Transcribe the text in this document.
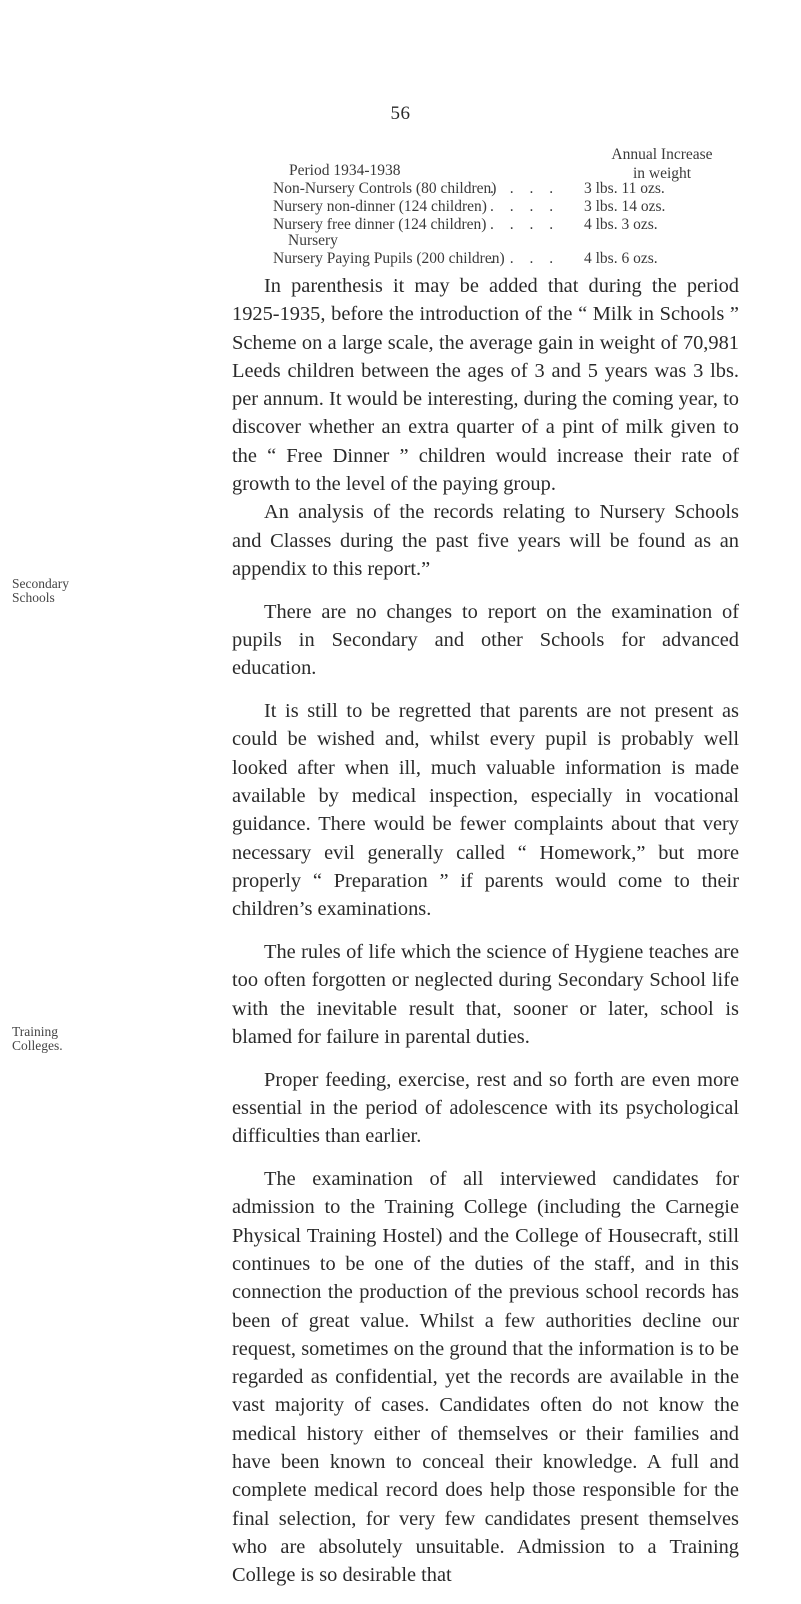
56
Annual Increase
in weight
Period 1934-1938
Non-Nursery Controls (80 children)
. . . . 3 lbs. 11 ozs.
Nursery non-dinner (124 children) . . . . 3 lbs. 14 ozs.
Nursery free dinner (124 children) . . . . 4 lbs. 3 ozs.
Nursery
Nursery Paying Pupils (200 children)
. . . . 4 lbs. 6 ozs.
Secondary
Schools
Training
Colleges.

In parenthesis it may be added that during the period 1925-1935, before the introduction of the “ Milk in Schools ” Scheme on a large scale, the average gain in weight of 70,981 Leeds children between the ages of 3 and 5 years was 3 lbs. per annum. It would be interesting, during the coming year, to discover whether an extra quarter of a pint of milk given to the “ Free Dinner ” children would increase their rate of growth to the level of the paying group.

An analysis of the records relating to Nursery Schools and Classes during the past five years will be found as an appendix to this report.”

There are no changes to report on the examination of pupils in Secondary and other Schools for advanced education.

It is still to be regretted that parents are not present as could be wished and, whilst every pupil is probably well looked after when ill, much valuable information is made available by medical inspection, especially in vocational guidance. There would be fewer complaints about that very necessary evil generally called “ Homework,” but more properly “ Preparation ” if parents would come to their children’s examinations.

The rules of life which the science of Hygiene teaches are too often forgotten or neglected during Secondary School life with the inevitable result that, sooner or later, school is blamed for failure in parental duties.

Proper feeding, exercise, rest and so forth are even more essential in the period of adolescence with its psychological difficulties than earlier.

The examination of all interviewed candidates for admission to the Training College (including the Carnegie Physical Training Hostel) and the College of Housecraft, still continues to be one of the duties of the staff, and in this connection the production of the previous school records has been of great value. Whilst a few authorities decline our request, sometimes on the ground that the information is to be regarded as confidential, yet the records are available in the vast majority of cases. Candidates often do not know the medical history either of themselves or their families and have been known to conceal their knowledge. A full and complete medical record does help those responsible for the final selection, for very few candidates present themselves who are absolutely unsuitable. Admission to a Training College is so desirable that
